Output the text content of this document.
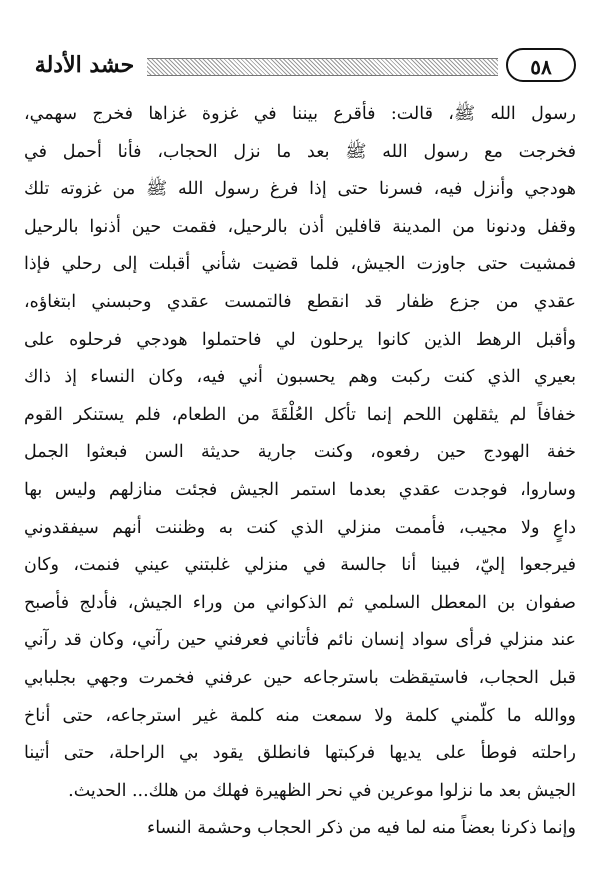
حشد الأدلة	٥٨
رسول الله ﷺ، قالت: فأقرع بيننا في غزوة غزاها فخرج سهمي،
فخرجت مع رسول الله ﷺ بعد ما نزل الحجاب، فأنا أحمل في
هودجي وأنزل فيه، فسرنا حتى إذا فرغ رسول الله ﷺ من غزوته تلك
وقفل ودنونا من المدينة قافلين أذن بالرحيل، فقمت حين أذنوا بالرحيل
فمشيت حتى جاوزت الجيش، فلما قضيت شأني أقبلت إلى رحلي فإذا
عقدي من جزع ظفار قد انقطع فالتمست عقدي وحبسني ابتغاؤه،
وأقبل الرهط الذين كانوا يرحلون لي فاحتملوا هودجي فرحلوه على
بعيري الذي كنت ركبت وهم يحسبون أني فيه، وكان النساء إذ ذاك
خفافاً لم يثقلهن اللحم إنما تأكل العُلْقَةَ من الطعام، فلم يستنكر القوم
خفة الهودج حين رفعوه، وكنت جارية حديثة السن فبعثوا الجمل
وساروا، فوجدت عقدي بعدما استمر الجيش فجئت منازلهم وليس بها
داعٍ ولا مجيب، فأممت منزلي الذي كنت به وظننت أنهم سيفقدوني
فيرجعوا إليّ، فبينا أنا جالسة في منزلي غلبتني عيني فنمت، وكان
صفوان بن المعطل السلمي ثم الذكواني من وراء الجيش، فأدلج فأصبح
عند منزلي فرأى سواد إنسان نائم فأتاني فعرفني حين رآني، وكان قد رآني
قبل الحجاب، فاستيقظت باسترجاعه حين عرفني فخمرت وجهي بجلبابي
ووالله ما كلّمني كلمة ولا سمعت منه كلمة غير استرجاعه، حتى أناخ
راحلته فوطأ على يديها فركبتها فانطلق يقود بي الراحلة، حتى أتينا
الجيش بعد ما نزلوا موعرين في نحر الظهيرة فهلك من هلك... الحديث.
وإنما ذكرنا بعضاً منه لما فيه من ذكر الحجاب وحشمة النساء
